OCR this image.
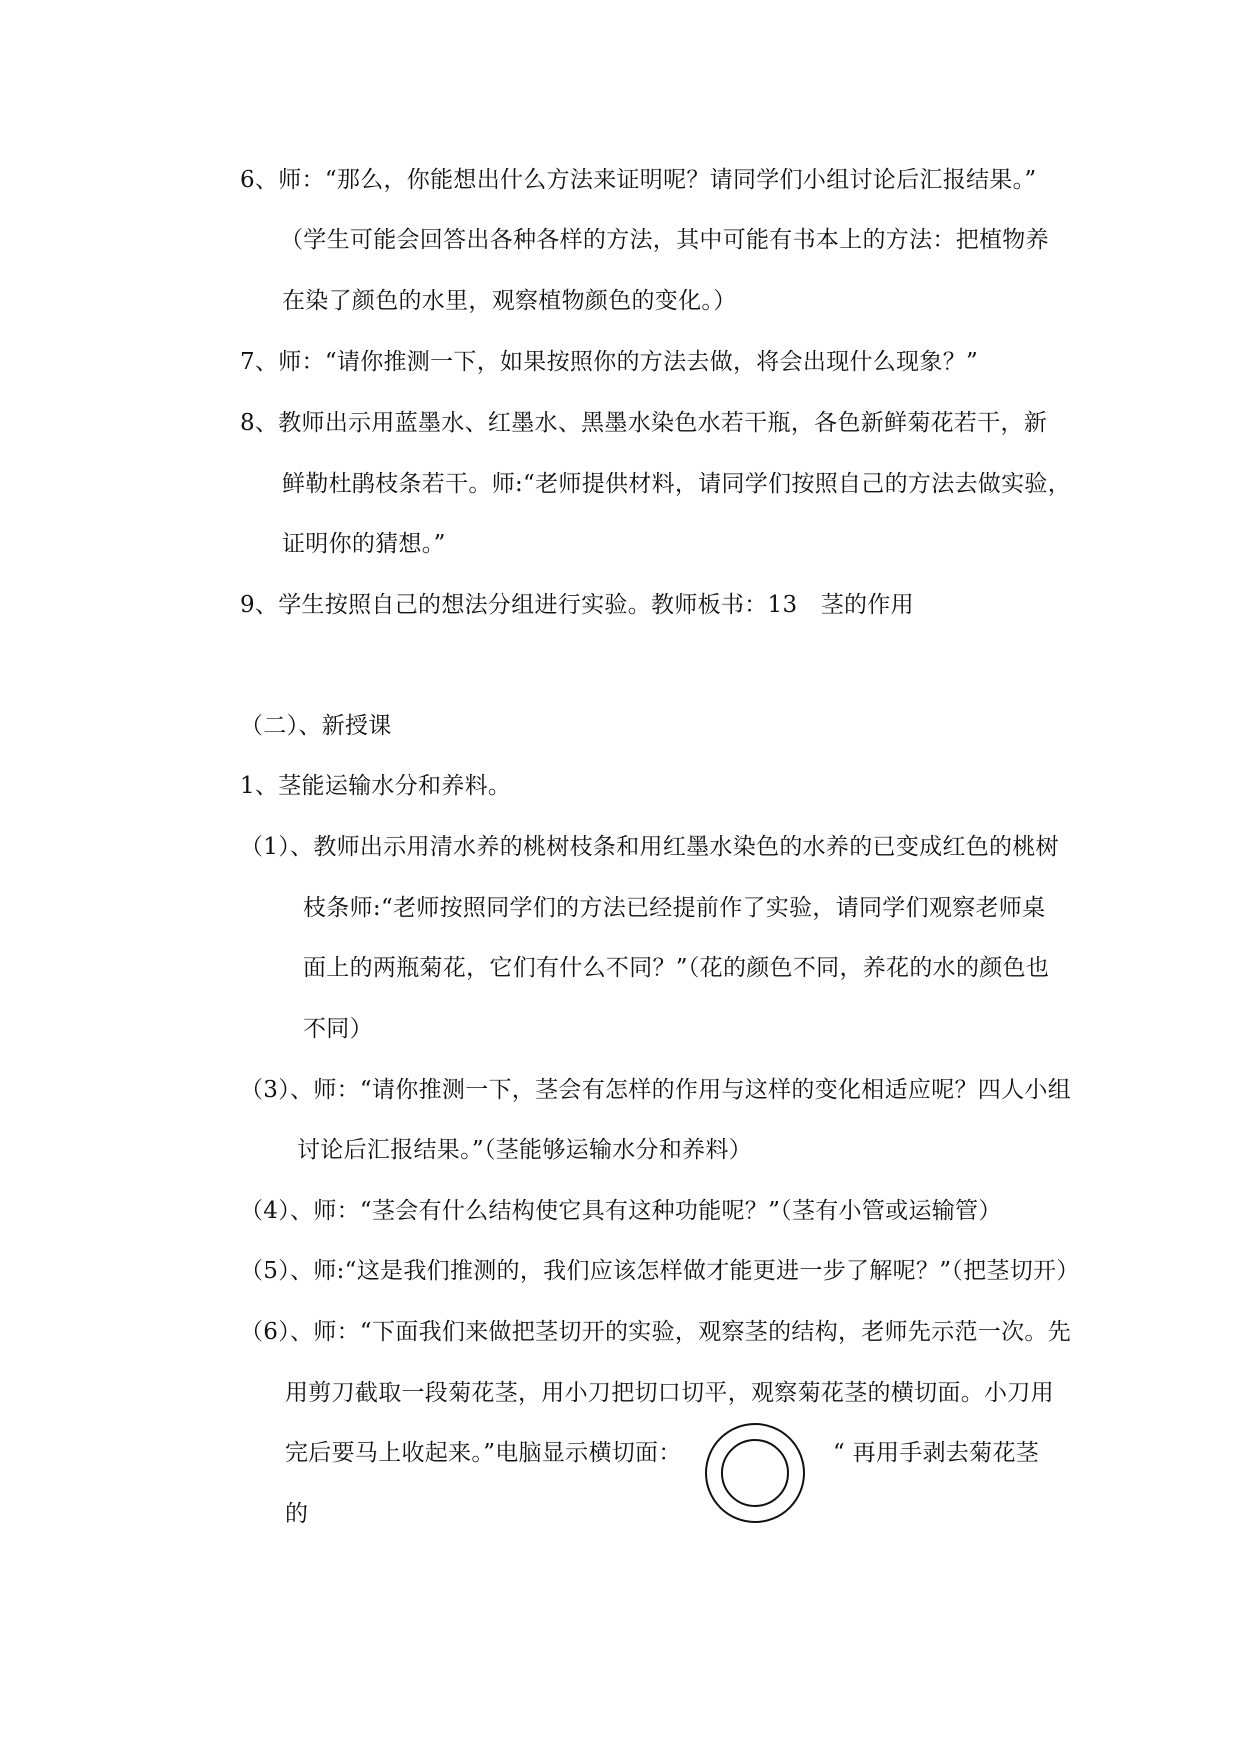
6、师：“那么，你能想出什么方法来证明呢？请同学们小组讨论后汇报结果。”
（学生可能会回答出各种各样的方法，其中可能有书本上的方法：把植物养
在染了颜色的水里，观察植物颜色的变化。）
7、师：“请你推测一下，如果按照你的方法去做，将会出现什么现象？”
8、教师出示用蓝墨水、红墨水、黑墨水染色水若干瓶，各色新鲜菊花若干，新
鲜勒杜鹃枝条若干。师:“老师提供材料，请同学们按照自己的方法去做实验，
证明你的猜想。”
9、学生按照自己的想法分组进行实验。教师板书：13　茎的作用
（二）、新授课
1、茎能运输水分和养料。
（1）、教师出示用清水养的桃树枝条和用红墨水染色的水养的已变成红色的桃树
枝条师:“老师按照同学们的方法已经提前作了实验，请同学们观察老师桌
面上的两瓶菊花，它们有什么不同？”（花的颜色不同，养花的水的颜色也
不同）
（3）、师：“请你推测一下，茎会有怎样的作用与这样的变化相适应呢？四人小组
讨论后汇报结果。”（茎能够运输水分和养料）
（4）、师：“茎会有什么结构使它具有这种功能呢？”（茎有小管或运输管）
（5）、师:“这是我们推测的，我们应该怎样做才能更进一步了解呢？”（把茎切开）
（6）、师：“下面我们来做把茎切开的实验，观察茎的结构，老师先示范一次。先
用剪刀截取一段菊花茎，用小刀把切口切平，观察菊花茎的横切面。小刀用
完后要马上收起来。”电脑显示横切面：	“ 再用手剥去菊花茎
的
